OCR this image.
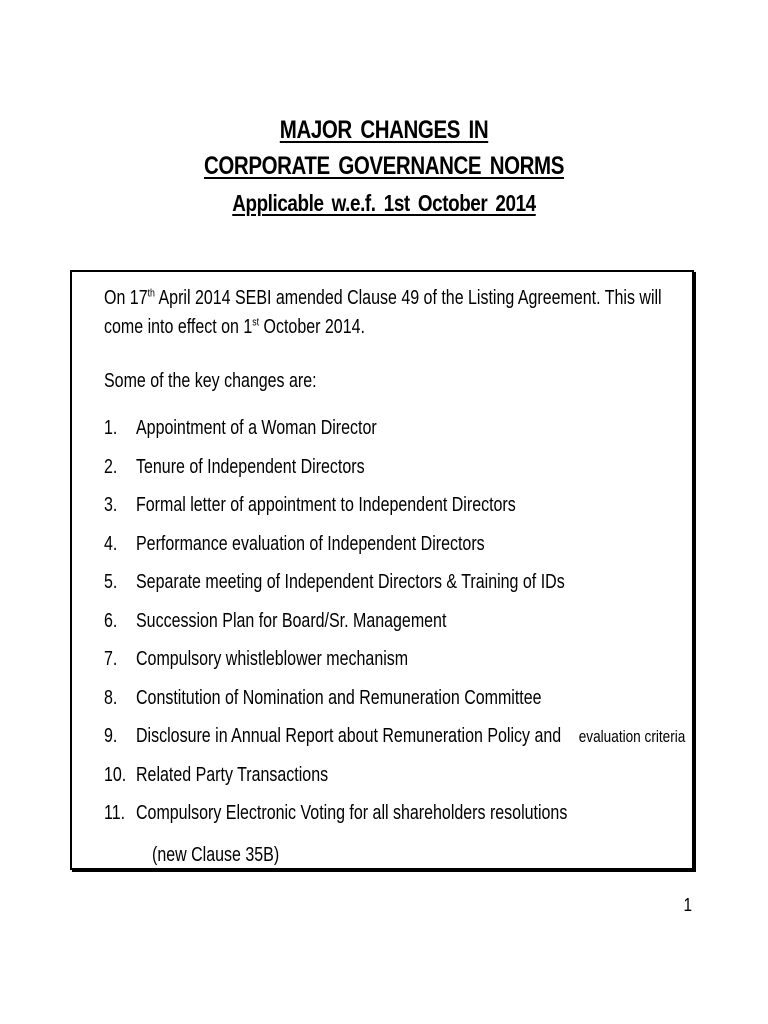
MAJOR CHANGES IN
CORPORATE GOVERNANCE NORMS
Applicable w.e.f. 1st October 2014
On 17th April 2014 SEBI amended Clause 49 of the Listing Agreement. This will
come into effect on 1st October 2014.
Some of the key changes are:
1. Appointment of a Woman Director
2. Tenure of Independent Directors
3. Formal letter of appointment to Independent Directors
4. Performance evaluation of Independent Directors
5. Separate meeting of Independent Directors & Training of IDs
6. Succession Plan for Board/Sr. Management
7. Compulsory whistleblower mechanism
8. Constitution of Nomination and Remuneration Committee
9. Disclosure in Annual Report about Remuneration Policy and evaluation criteria
10. Related Party Transactions
11. Compulsory Electronic Voting for all shareholders resolutions
(new Clause 35B)
1
